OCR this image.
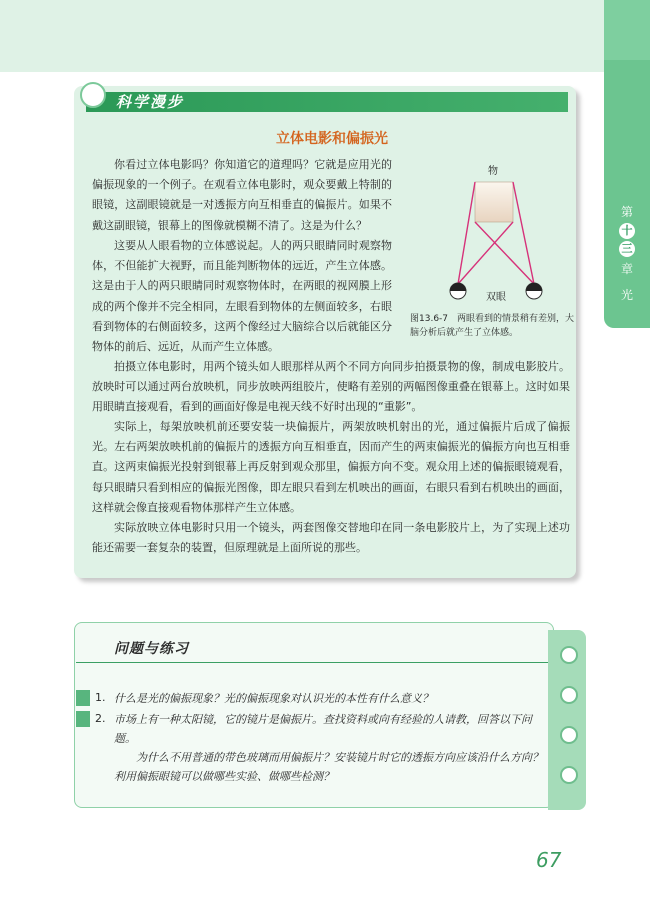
第
十
三
章
光
科学漫步
立体电影和偏振光

你看过立体电影吗？你知道它的道理吗？它就是应用光的偏振现象的一个例子。在观看立体电影时，观众要戴上特制的眼镜，这副眼镜就是一对透振方向互相垂直的偏振片。如果不戴这副眼镜，银幕上的图像就模糊不清了。这是为什么？

这要从人眼看物的立体感说起。人的两只眼睛同时观察物体，不但能扩大视野，而且能判断物体的远近，产生立体感。这是由于人的两只眼睛同时观察物体时，在两眼的视网膜上形成的两个像并不完全相同，左眼看到物体的左侧面较多，右眼看到物体的右侧面较多，这两个像经过大脑综合以后就能区分物体的前后、远近，从而产生立体感。

拍摄立体电影时，用两个镜头如人眼那样从两个不同方向同步拍摄景物的像，制成电影胶片。放映时可以通过两台放映机，同步放映两组胶片，使略有差别的两幅图像重叠在银幕上。这时如果用眼睛直接观看，看到的画面好像是电视天线不好时出现的“重影”。

实际上，每架放映机前还要安装一块偏振片，两架放映机射出的光，通过偏振片后成了偏振光。左右两架放映机前的偏振片的透振方向互相垂直，因而产生的两束偏振光的偏振方向也互相垂直。这两束偏振光投射到银幕上再反射到观众那里，偏振方向不变。观众用上述的偏振眼镜观看，每只眼睛只看到相应的偏振光图像，即左眼只看到左机映出的画面，右眼只看到右机映出的画面，这样就会像直接观看物体那样产生立体感。

实际放映立体电影时只用一个镜头，两套图像交替地印在同一条电影胶片上，为了实现上述功能还需要一套复杂的装置，但原理就是上面所说的那些。

物
双眼

图13.6-7　两眼看到的情景稍有差别，大脑分析后就产生了立体感。

问题与练习
1. 什么是光的偏振现象？光的偏振现象对认识光的本性有什么意义？

2. 市场上有一种太阳镜，它的镜片是偏振片。查找资料或向有经验的人请教，回答以下问题。

为什么不用普通的带色玻璃而用偏振片？安装镜片时它的透振方向应该沿什么方向？利用偏振眼镜可以做哪些实验、做哪些检测？

67
